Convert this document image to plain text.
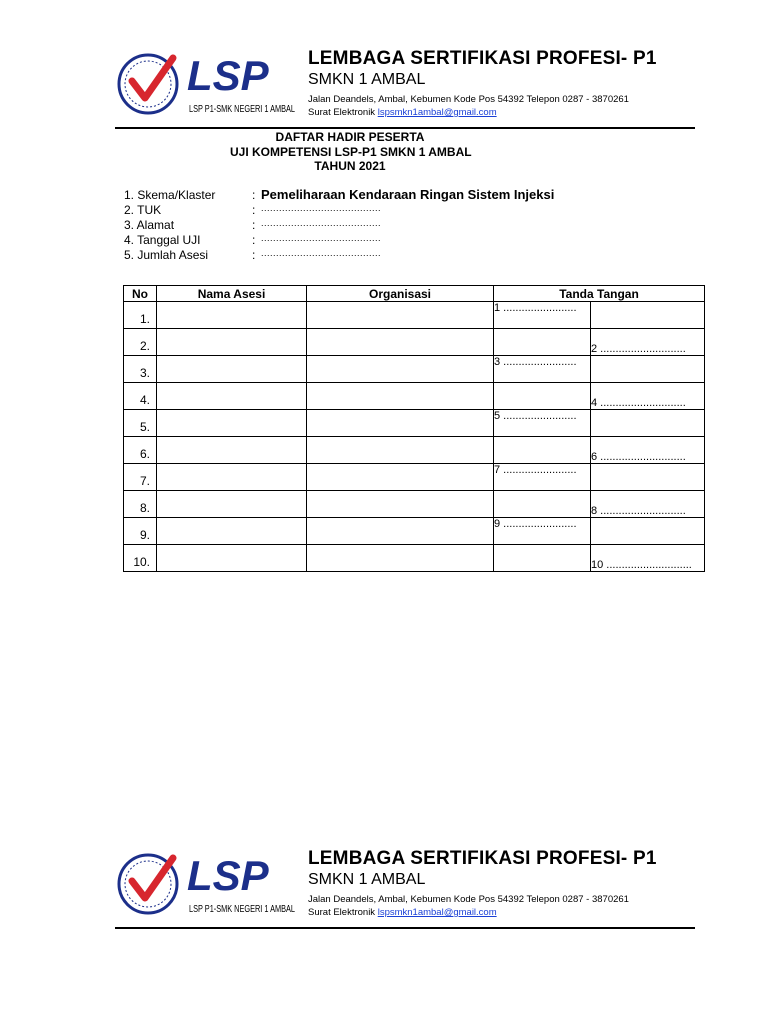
LSP
LSP P1-SMK NEGERI 1 AMBAL
LEMBAGA SERTIFIKASI PROFESI- P1
SMKN 1 AMBAL
Jalan Deandels, Ambal, Kebumen Kode Pos 54392 Telepon 0287 - 3870261
Surat Elektronik lspsmkn1ambal@gmail.com
DAFTAR HADIR PESERTA
UJI KOMPETENSI LSP-P1 SMKN 1 AMBAL
TAHUN 2021
1. Skema/Klaster	: Pemeliharaan Kendaraan Ringan Sistem Injeksi
2. TUK	: ........................................
3. Alamat	: ........................................
4. Tanggal UJI	: ........................................
5. Jumlah Asesi	: ........................................
No	Nama Asesi	Organisasi	Tanda Tangan	
1.			1 ........................	
2.				2 ............................
3.			3 ........................	
4.				4 ............................
5.			5 ........................	
6.				6 ............................
7.			7 ........................	
8.				8 ............................
9.			9 ........................	
10.				10 ............................
LSP
LSP P1-SMK NEGERI 1 AMBAL
LEMBAGA SERTIFIKASI PROFESI- P1
SMKN 1 AMBAL
Jalan Deandels, Ambal, Kebumen Kode Pos 54392 Telepon 0287 - 3870261
Surat Elektronik lspsmkn1ambal@gmail.com
